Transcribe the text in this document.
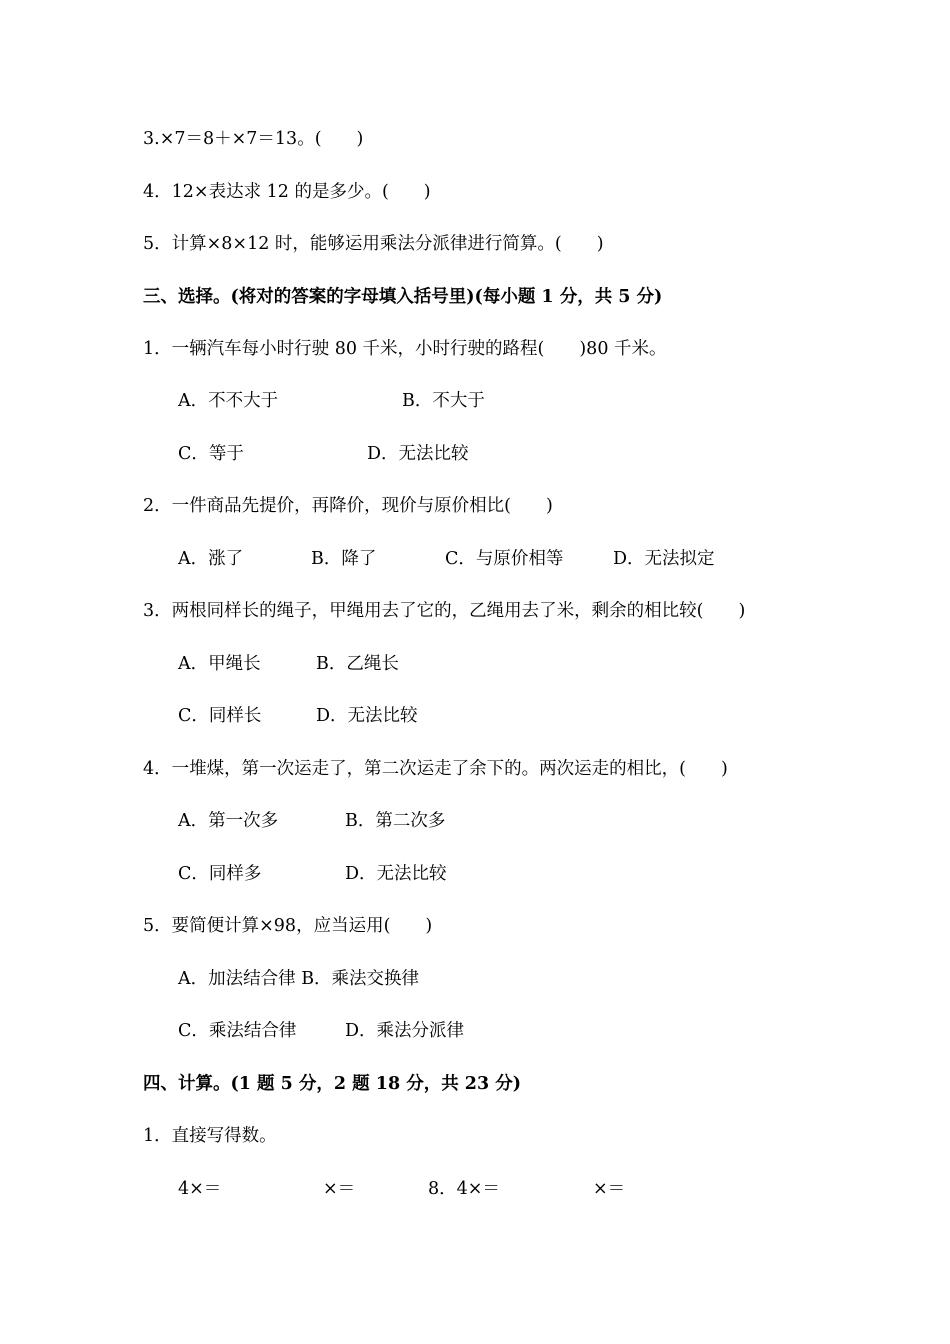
3.×7＝8＋×7＝13。(　　)
4．12×表达求 12 的是多少。(　　)
5．计算×8×12 时，能够运用乘法分派律进行简算。(　　)
三、选择。(将对的答案的字母填入括号里)(每小题 1 分，共 5 分)
1．一辆汽车每小时行驶 80 千米，小时行驶的路程(　　)80 千米。
A．不不大于	B．不大于
C．等于	D．无法比较
2．一件商品先提价，再降价，现价与原价相比(　　)
A．涨了	B．降了	C．与原价相等	D．无法拟定
3．两根同样长的绳子，甲绳用去了它的，乙绳用去了米，剩余的相比较(　　)
A．甲绳长	B．乙绳长
C．同样长	D．无法比较
4．一堆煤，第一次运走了，第二次运走了余下的。两次运走的相比，(　　)
A．第一次多	B．第二次多
C．同样多	D．无法比较
5．要简便计算×98，应当运用(　　)
A．加法结合律 B．乘法交换律
C．乘法结合律	D．乘法分派律
四、计算。(1 题 5 分，2 题 18 分，共 23 分)
1．直接写得数。
4×＝	×＝	8．4×＝	×＝
